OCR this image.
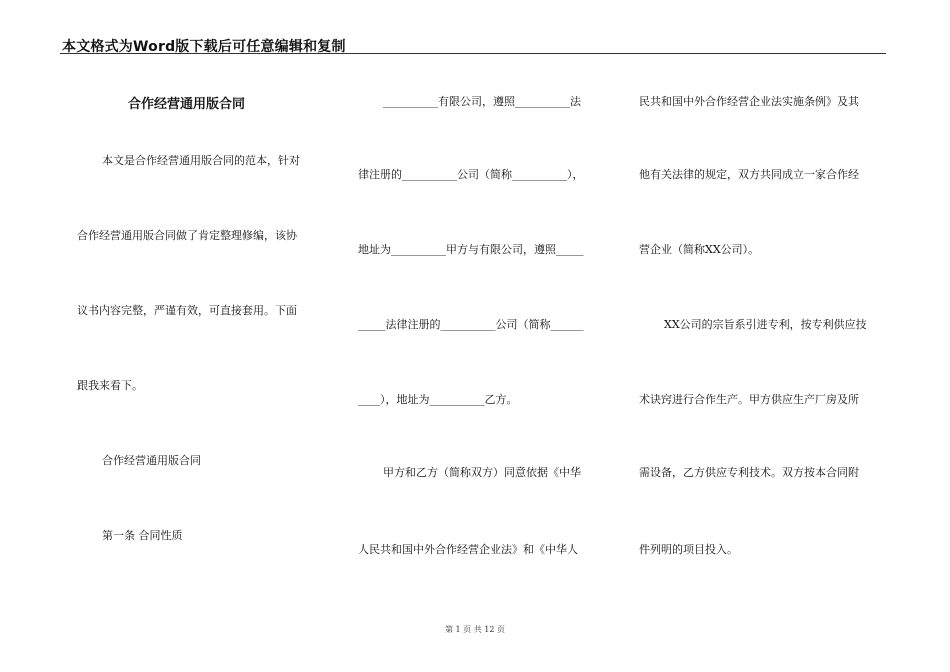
本文格式为Word版下载后可任意编辑和复制
合作经营通用版合同
本文是合作经营通用版合同的范本，针对
合作经营通用版合同做了肯定整理修编，该协
议书内容完整，严谨有效，可直接套用。下面
跟我来看下。
合作经营通用版合同
第一条 合同性质
__________有限公司，遵照__________法
律注册的__________公司（简称__________），
地址为__________甲方与有限公司，遵照_____
_____法律注册的__________公司（简称______
____），地址为__________乙方。
甲方和乙方（简称双方）同意依据《中华
人民共和国中外合作经营企业法》和《中华人
民共和国中外合作经营企业法实施条例》及其
他有关法律的规定，双方共同成立一家合作经
营企业（简称XX公司）。
XX公司的宗旨系引进专利，按专利供应技
术诀窍进行合作生产。甲方供应生产厂房及所
需设备，乙方供应专利技术。双方按本合同附
件列明的项目投入。
第 1 页 共 12 页
